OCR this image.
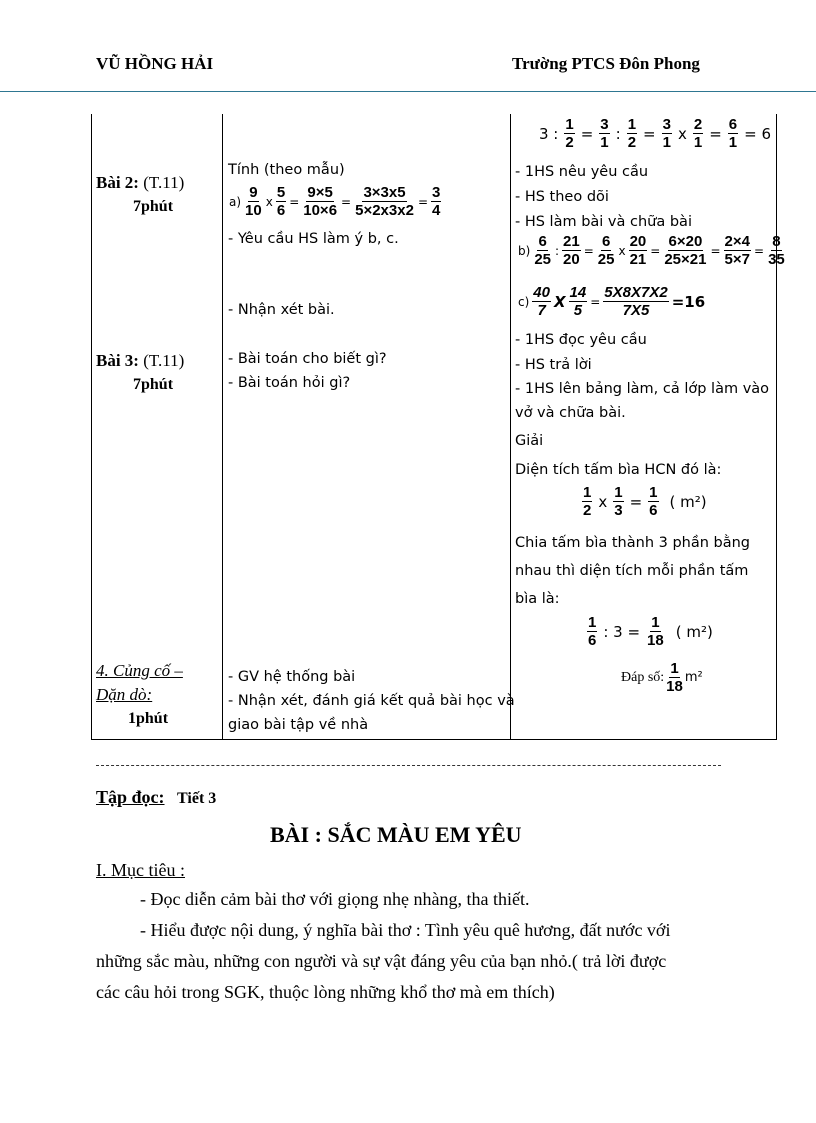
VŨ HỒNG HẢI	Trường PTCS Đôn Phong
Bài 2: (T.11)
7phút
Bài 3: (T.11)
7phút
4. Củng cố –
Dặn dò:
1phút
Tính (theo mẫu)
a)
9
10
x $\frac{5}{6} = \frac{9\times 5}{10\times 6} = \frac{3\times 3x5}{5\times 2x3x2} = \frac{3}{4}$
- Yêu cầu HS làm ý b, c.
- Nhận xét bài.
- Bài toán cho biết gì?
- Bài toán hỏi gì?
- GV hệ thống bài
- Nhận xét, đánh giá kết quả bài học và
giao bài tập về nhà
3 : $\frac{1}{2} = \frac{3}{1}$ : $\frac{1}{2} = \frac{3}{1}$ x $\frac{2}{1} = \frac{6}{1} = 6$
- 1HS nêu yêu cầu
- HS theo dõi
- HS làm bài và chữa bài
b)
6
25
: $\frac{21}{20} = \frac{6}{25}$ x $\frac{20}{21} = \frac{6\times 20}{25\times 21} = \frac{2\times 4}{5\times 7} = \frac{8}{35}$
c)
40
7 X $\frac{14}{5} = \frac{5X8X7X2}{7X5} =16$
- 1HS đọc yêu cầu
- HS trả lời
- 1HS lên bảng làm, cả lớp làm vào
vở và chữa bài.
Giải
Diện tích tấm bìa HCN đó là:
1
2 x $\frac{1}{3} = \frac{1}{6}$ ( m²)
Chia tấm bìa thành 3 phần bằng
nhau thì diện tích mỗi phần tấm
bìa là:
1
6 : $3 = \frac{1}{18}$ ( m²)
Đáp số: 1
18
m²
Tập đọc: Tiết 3
BÀI : SẮC MÀU EM YÊU
I. Mục tiêu :
- Đọc diễn cảm bài thơ với giọng nhẹ nhàng, tha thiết.
- Hiểu được nội dung, ý nghĩa bài thơ : Tình yêu quê hương, đất nước với
những sắc màu, những con người và sự vật đáng yêu của bạn nhỏ.( trả lời được
các câu hỏi trong SGK, thuộc lòng những khổ thơ mà em thích)
